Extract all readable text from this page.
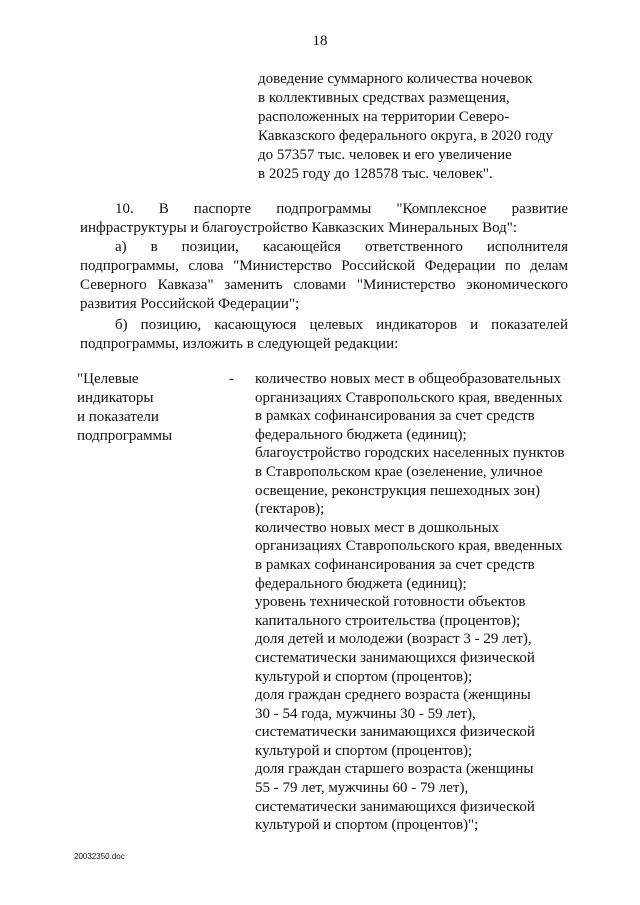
18
доведение суммарного количества ночевок
в коллективных средствах размещения,
расположенных на территории Северо-
Кавказского федерального округа, в 2020 году
до 57357 тыс. человек и его увеличение
в 2025 году до 128578 тыс. человек".
10. В паспорте подпрограммы "Комплексное развитие
инфраструктуры и благоустройство Кавказских Минеральных Вод":
а) в позиции, касающейся ответственного исполнителя
подпрограммы, слова "Министерство Российской Федерации по делам
Северного Кавказа" заменить словами "Министерство экономического
развития Российской Федерации";
б) позицию, касающуюся целевых индикаторов и показателей
подпрограммы, изложить в следующей редакции:
"Целевые
индикаторы
и показатели
подпрограммы
- количество новых мест в общеобразовательных
организациях Ставропольского края, введенных
в рамках софинансирования за счет средств
федерального бюджета (единиц);
благоустройство городских населенных пунктов
в Ставропольском крае (озеленение, уличное
освещение, реконструкция пешеходных зон)
(гектаров);
количество новых мест в дошкольных
организациях Ставропольского края, введенных
в рамках софинансирования за счет средств
федерального бюджета (единиц);
уровень технической готовности объектов
капитального строительства (процентов);
доля детей и молодежи (возраст 3 - 29 лет),
систематически занимающихся физической
культурой и спортом (процентов);
доля граждан среднего возраста (женщины
30 - 54 года, мужчины 30 - 59 лет),
систематически занимающихся физической
культурой и спортом (процентов);
доля граждан старшего возраста (женщины
55 - 79 лет, мужчины 60 - 79 лет),
систематически занимающихся физической
культурой и спортом (процентов)";
20032350.doc
